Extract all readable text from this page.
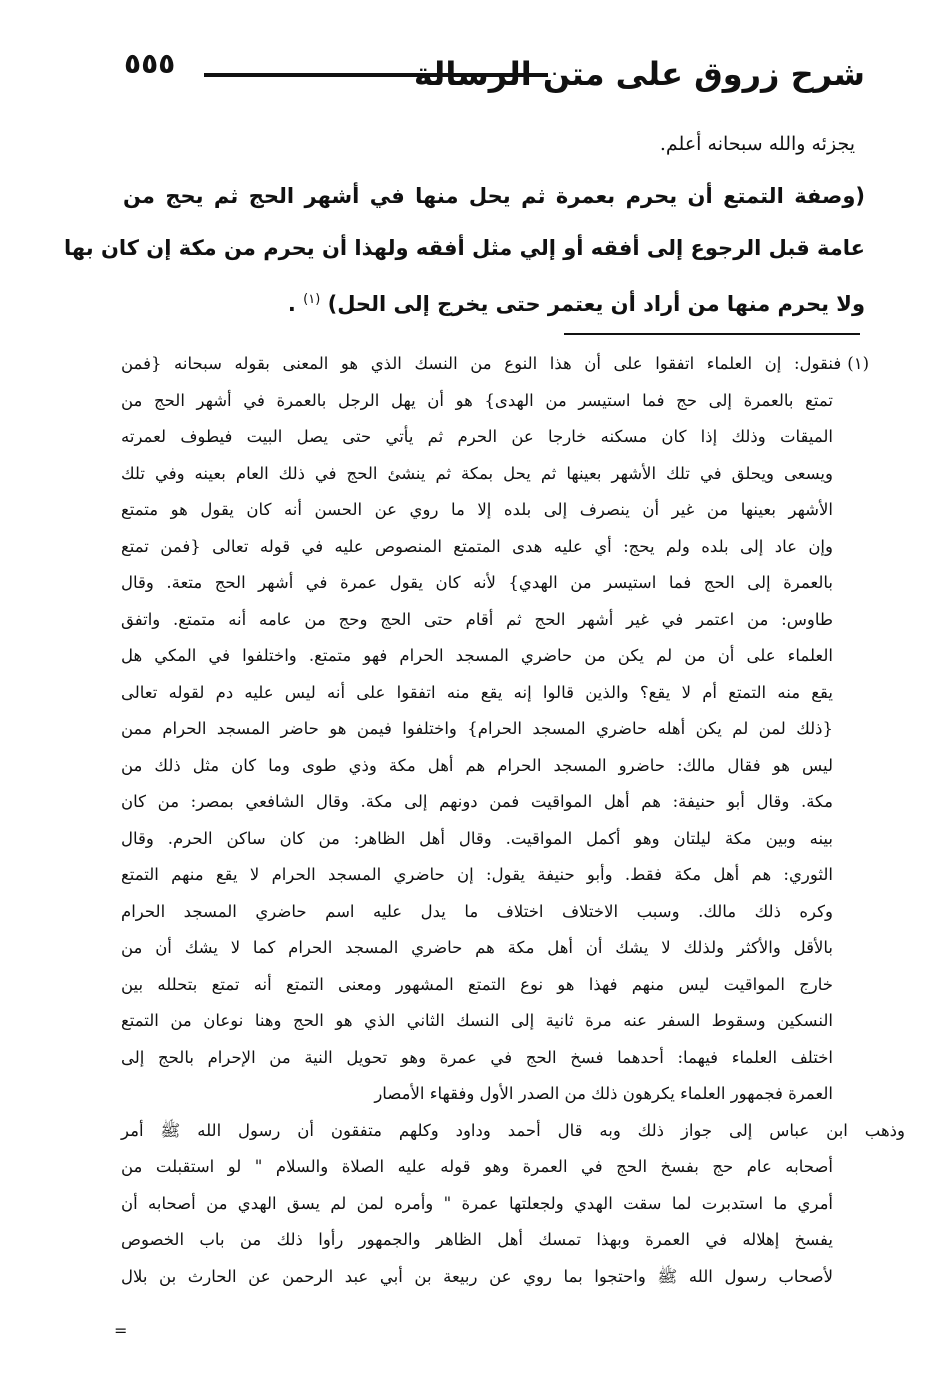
شرح زروق على متن الرسالة
٥٥٥
يجزئه والله سبحانه أعلم.
(وصفة التمتع أن يحرم بعمرة ثم يحل منها في أشهر الحج ثم يحج من
عامة قبل الرجوع إلى أفقه أو إلي مثل أفقه ولهذا أن يحرم من مكة إن كان بها
ولا يحرم منها من أراد أن يعتمر حتى يخرج إلى الحل) $^{(١)}$ .
(١)فنقول: إن العلماء اتفقوا على أن هذا النوع من النسك الذي هو المعنى بقوله سبحانه {فمن
تمتع بالعمرة إلى حج فما استيسر من الهدى} هو أن يهل الرجل بالعمرة في أشهر الحج من
الميقات وذلك إذا كان مسكنه خارجا عن الحرم ثم يأتي حتى يصل البيت فيطوف لعمرته
ويسعى ويحلق في تلك الأشهر بعينها ثم يحل بمكة ثم ينشئ الحج في ذلك العام بعينه وفي تلك
الأشهر بعينها من غير أن ينصرف إلى بلده إلا ما روي عن الحسن أنه كان يقول هو متمتع
وإن عاد إلى بلده ولم يحج: أي عليه هدى المتمتع المنصوص عليه في قوله تعالى {فمن تمتع
بالعمرة إلى الحج فما استيسر من الهدي} لأنه كان يقول عمرة في أشهر الحج متعة. وقال
طاوس: من اعتمر في غير أشهر الحج ثم أقام حتى الحج وحج من عامه أنه متمتع. واتفق
العلماء على أن من لم يكن من حاضري المسجد الحرام فهو متمتع. واختلفوا في المكي هل
يقع منه التمتع أم لا يقع؟ والذين قالوا إنه يقع منه اتفقوا على أنه ليس عليه دم لقوله تعالى
{ذلك لمن لم يكن أهله حاضري المسجد الحرام} واختلفوا فيمن هو حاضر المسجد الحرام ممن
ليس هو فقال مالك: حاضرو المسجد الحرام هم أهل مكة وذي طوى وما كان مثل ذلك من
مكة. وقال أبو حنيفة: هم أهل المواقيت فمن دونهم إلى مكة. وقال الشافعي بمصر: من كان
بينه وبين مكة ليلتان وهو أكمل المواقيت. وقال أهل الظاهر: من كان ساكن الحرم. وقال
الثوري: هم أهل مكة فقط. وأبو حنيفة يقول: إن حاضري المسجد الحرام لا يقع منهم التمتع
وكره ذلك مالك. وسبب الاختلاف اختلاف ما يدل عليه اسم حاضري المسجد الحرام
بالأقل والأكثر ولذلك لا يشك أن أهل مكة هم حاضري المسجد الحرام كما لا يشك أن من
خارج المواقيت ليس منهم فهذا هو نوع التمتع المشهور ومعنى التمتع أنه تمتع بتحلله بين
النسكين وسقوط السفر عنه مرة ثانية إلى النسك الثاني الذي هو الحج وهنا نوعان من التمتع
اختلف العلماء فيهما: أحدهما فسخ الحج في عمرة وهو تحويل النية من الإحرام بالحج إلى
العمرة فجمهور العلماء يكرهون ذلك من الصدر الأول وفقهاء الأمصار
وذهب ابن عباس إلى جواز ذلك وبه قال أحمد وداود وكلهم متفقون أن رسول الله ﷺ أمر
أصحابه عام حج بفسخ الحج في العمرة وهو قوله عليه الصلاة والسلام " لو استقبلت من
أمري ما استدبرت لما سقت الهدي ولجعلتها عمرة " وأمره لمن لم يسق الهدي من أصحابه أن
يفسخ إهلاله في العمرة وبهذا تمسك أهل الظاهر والجمهور رأوا ذلك من باب الخصوص
لأصحاب رسول الله ﷺ واحتجوا بما روي عن ربيعة بن أبي عبد الرحمن عن الحارث بن بلال
=
